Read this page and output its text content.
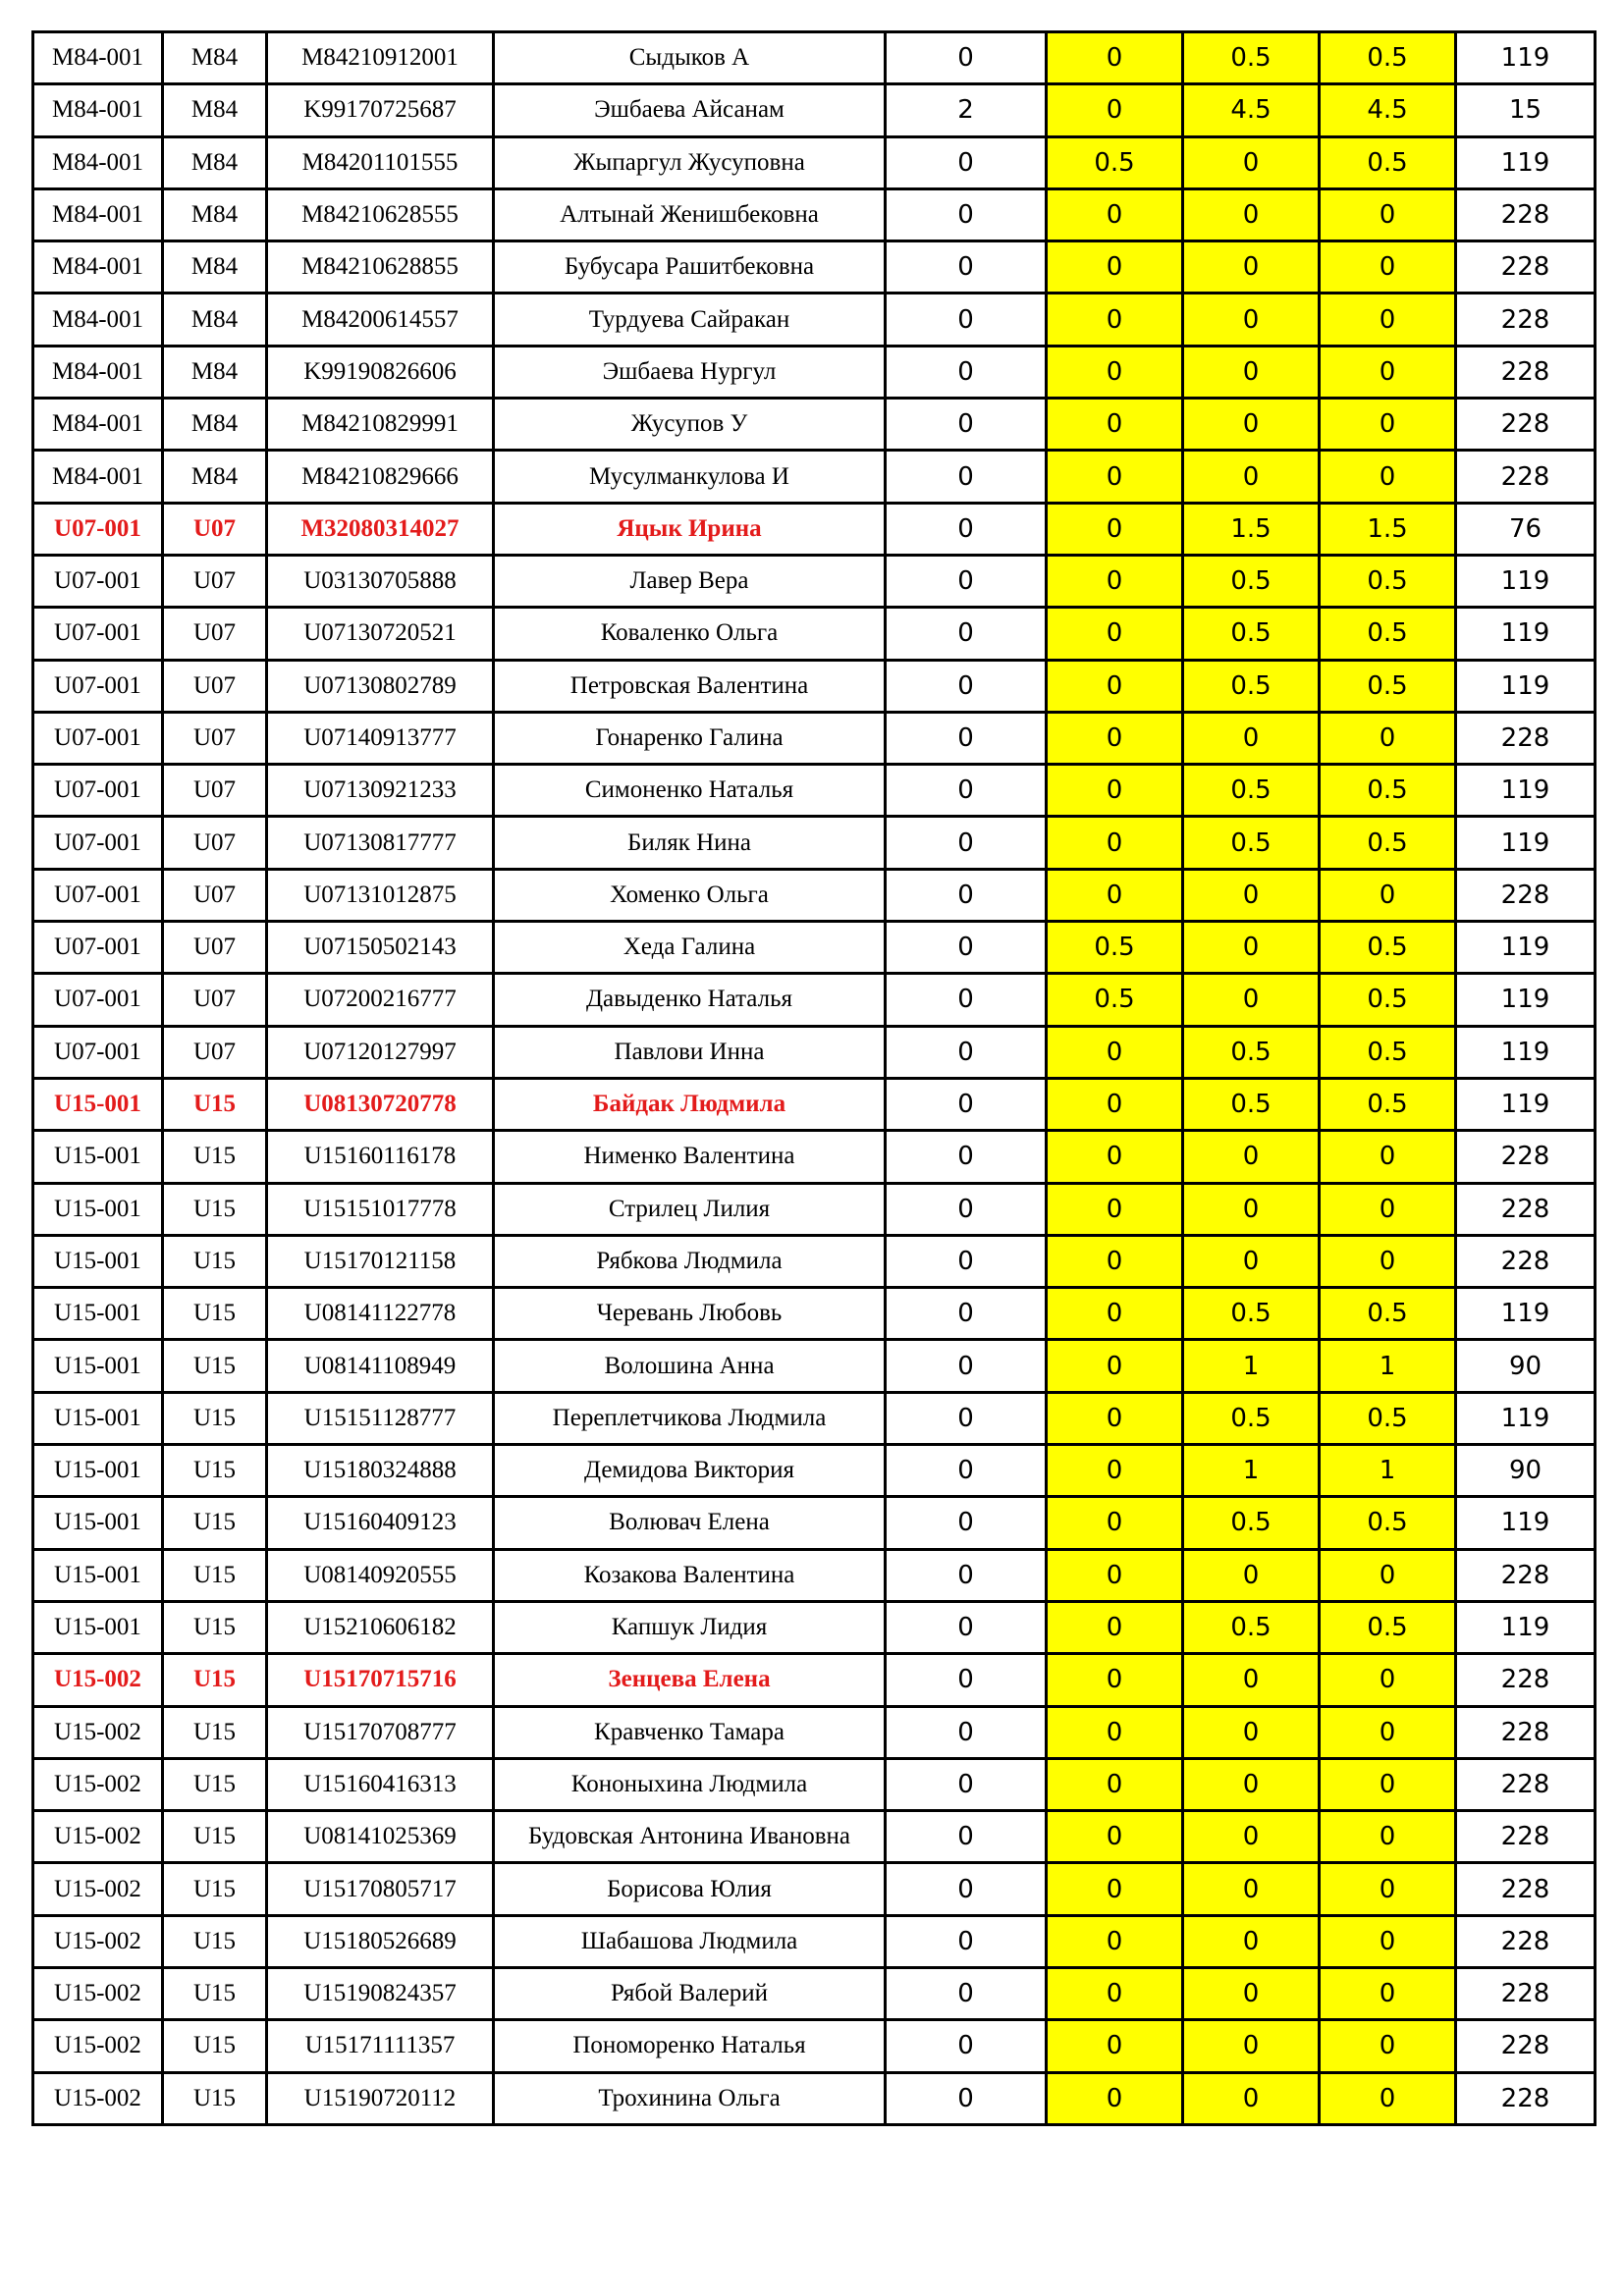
M84-001	M84	M84210912001	Сыдыков А	0	0	0.5	0.5	119
M84-001	M84	K99170725687	Эшбаева Айсанам	2	0	4.5	4.5	15
M84-001	M84	M84201101555	Жыпаргул Жусуповна	0	0.5	0	0.5	119
M84-001	M84	M84210628555	Алтынай Женишбековна	0	0	0	0	228
M84-001	M84	M84210628855	Бубусара Рашитбековна	0	0	0	0	228
M84-001	M84	M84200614557	Турдуева Сайракан	0	0	0	0	228
M84-001	M84	K99190826606	Эшбаева Нургул	0	0	0	0	228
M84-001	M84	M84210829991	Жусупов У	0	0	0	0	228
M84-001	M84	M84210829666	Мусулманкулова И	0	0	0	0	228
U07-001	U07	M32080314027	Яцык Ирина	0	0	1.5	1.5	76
U07-001	U07	U03130705888	Лавер Вера	0	0	0.5	0.5	119
U07-001	U07	U07130720521	Коваленко Ольга	0	0	0.5	0.5	119
U07-001	U07	U07130802789	Петровская Валентина	0	0	0.5	0.5	119
U07-001	U07	U07140913777	Гонаренко Галина	0	0	0	0	228
U07-001	U07	U07130921233	Симоненко Наталья	0	0	0.5	0.5	119
U07-001	U07	U07130817777	Биляк Нина	0	0	0.5	0.5	119
U07-001	U07	U07131012875	Хоменко Ольга	0	0	0	0	228
U07-001	U07	U07150502143	Хеда Галина	0	0.5	0	0.5	119
U07-001	U07	U07200216777	Давыденко Наталья	0	0.5	0	0.5	119
U07-001	U07	U07120127997	Павлови Инна	0	0	0.5	0.5	119
U15-001	U15	U08130720778	Байдак Людмила	0	0	0.5	0.5	119
U15-001	U15	U15160116178	Нименко Валентина	0	0	0	0	228
U15-001	U15	U15151017778	Стрилец Лилия	0	0	0	0	228
U15-001	U15	U15170121158	Рябкова Людмила	0	0	0	0	228
U15-001	U15	U08141122778	Черевань Любовь	0	0	0.5	0.5	119
U15-001	U15	U08141108949	Волошина Анна	0	0	1	1	90
U15-001	U15	U15151128777	Переплетчикова Людмила	0	0	0.5	0.5	119
U15-001	U15	U15180324888	Демидова Виктория	0	0	1	1	90
U15-001	U15	U15160409123	Волювач Елена	0	0	0.5	0.5	119
U15-001	U15	U08140920555	Козакова Валентина	0	0	0	0	228
U15-001	U15	U15210606182	Капшук Лидия	0	0	0.5	0.5	119
U15-002	U15	U15170715716	Зенцева Елена	0	0	0	0	228
U15-002	U15	U15170708777	Кравченко Тамара	0	0	0	0	228
U15-002	U15	U15160416313	Кононыхина Людмила	0	0	0	0	228
U15-002	U15	U08141025369	Будовская Антонина Ивановна	0	0	0	0	228
U15-002	U15	U15170805717	Борисова Юлия	0	0	0	0	228
U15-002	U15	U15180526689	Шабашова Людмила	0	0	0	0	228
U15-002	U15	U15190824357	Рябой Валерий	0	0	0	0	228
U15-002	U15	U15171111357	Пономоренко Наталья	0	0	0	0	228
U15-002	U15	U15190720112	Трохинина Ольга	0	0	0	0	228
